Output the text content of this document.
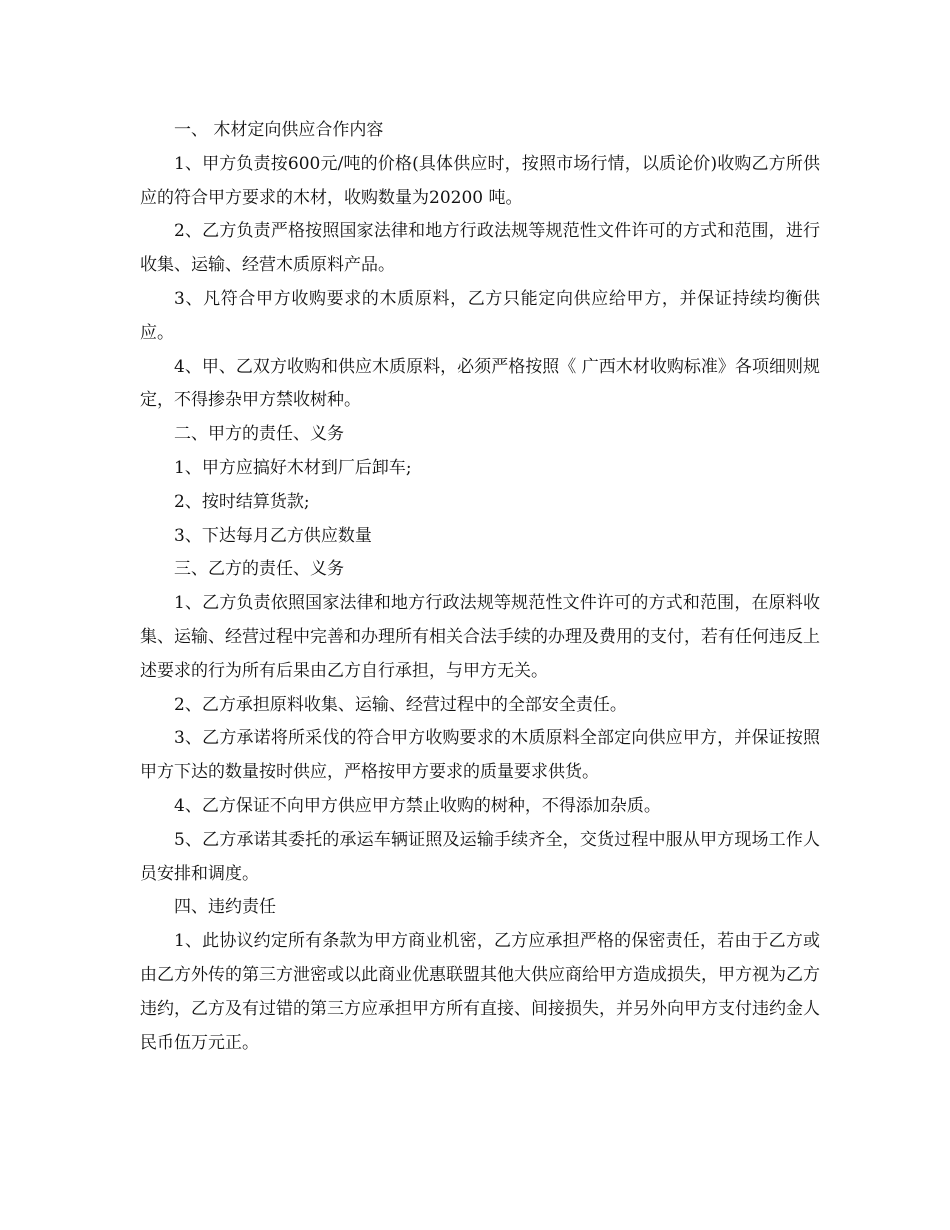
一、 木材定向供应合作内容

1、甲方负责按600元/吨的价格(具体供应时，按照市场行情，以质论价)收购乙方所供应的符合甲方要求的木材，收购数量为20200 吨。

2、乙方负责严格按照国家法律和地方行政法规等规范性文件许可的方式和范围，进行收集、运输、经营木质原料产品。

3、凡符合甲方收购要求的木质原料，乙方只能定向供应给甲方，并保证持续均衡供应。

4、甲、乙双方收购和供应木质原料，必须严格按照《 广西木材收购标准》各项细则规定，不得掺杂甲方禁收树种。

二、甲方的责任、义务

1、甲方应搞好木材到厂后卸车;

2、按时结算货款;

3、下达每月乙方供应数量

三、乙方的责任、义务

1、乙方负责依照国家法律和地方行政法规等规范性文件许可的方式和范围，在原料收集、运输、经营过程中完善和办理所有相关合法手续的办理及费用的支付，若有任何违反上述要求的行为所有后果由乙方自行承担，与甲方无关。

2、乙方承担原料收集、运输、经营过程中的全部安全责任。

3、乙方承诺将所采伐的符合甲方收购要求的木质原料全部定向供应甲方，并保证按照甲方下达的数量按时供应，严格按甲方要求的质量要求供货。

4、乙方保证不向甲方供应甲方禁止收购的树种，不得添加杂质。

5、乙方承诺其委托的承运车辆证照及运输手续齐全，交货过程中服从甲方现场工作人员安排和调度。

四、违约责任

1、此协议约定所有条款为甲方商业机密，乙方应承担严格的保密责任，若由于乙方或由乙方外传的第三方泄密或以此商业优惠联盟其他大供应商给甲方造成损失，甲方视为乙方违约，乙方及有过错的第三方应承担甲方所有直接、间接损失，并另外向甲方支付违约金人民币伍万元正。
